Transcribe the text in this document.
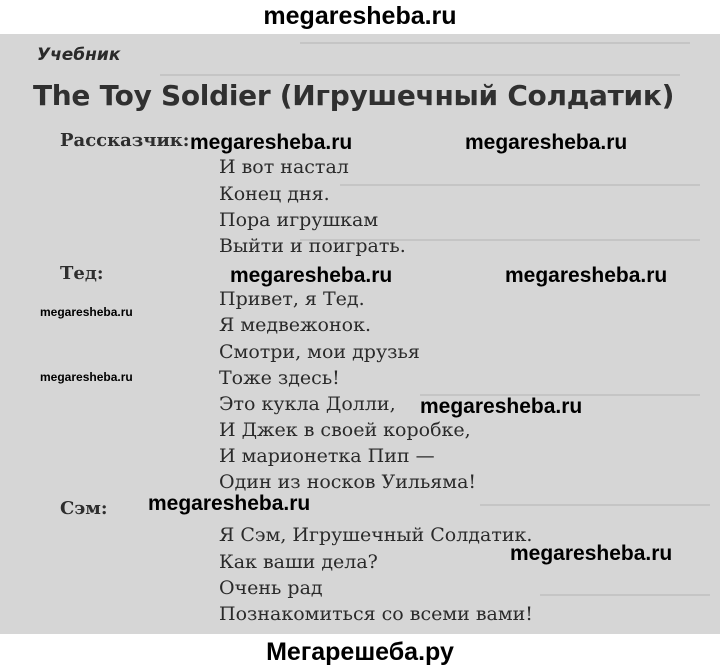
megaresheba.ru
Учебник
The Toy Soldier (Игрушечный Солдатик)
Рассказчик:
И вот настал
Конец дня.
Пора игрушкам
Выйти и поиграть.
Тед:
Привет, я Тед.
Я медвежонок.
Смотри, мои друзья
Тоже здесь!
Это кукла Долли,
И Джек в своей коробке,
И марионетка Пип —
Один из носков Уильяма!
Сэм:
Я Сэм, Игрушечный Солдатик.
Как ваши дела?
Очень рад
Познакомиться со всеми вами!
megaresheba.ru	megaresheba.ru
megaresheba.ru	megaresheba.ru
megaresheba.ru
megaresheba.ru
megaresheba.ru
megaresheba.ru
megaresheba.ru
Мегарешеба.ру
